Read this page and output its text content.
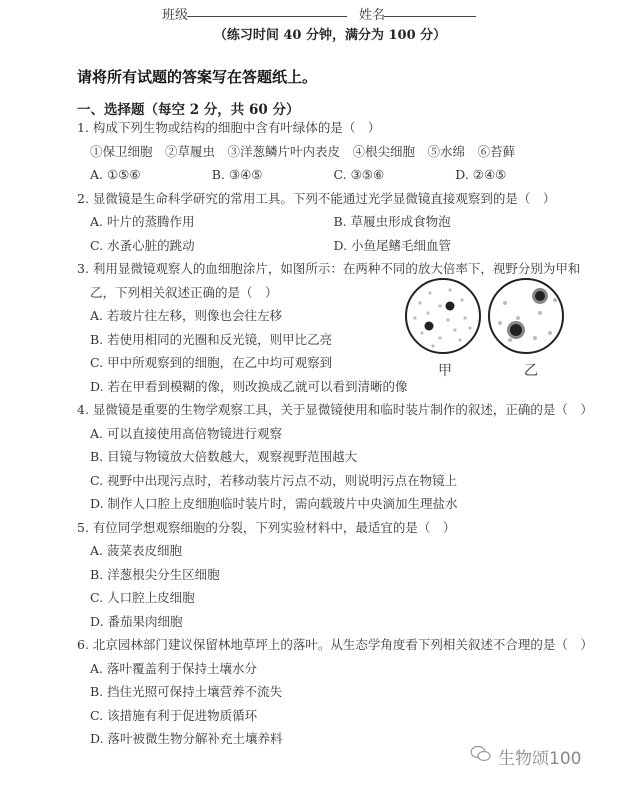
班级	姓名
（练习时间 40 分钟，满分为 100 分）
请将所有试题的答案写在答题纸上。
一、选择题（每空 2 分，共 60 分）
1. 构成下列生物或结构的细胞中含有叶绿体的是（　）
①保卫细胞　②草履虫　③洋葱鳞片叶内表皮　④根尖细胞　⑤水绵　⑥苔藓
A. ①⑤⑥	B. ③④⑤	C. ③⑤⑥	D. ②④⑤
2. 显微镜是生命科学研究的常用工具。下列不能通过光学显微镜直接观察到的是（　）
A. 叶片的蒸腾作用	B. 草履虫形成食物泡
C. 水蚤心脏的跳动	D. 小鱼尾鳍毛细血管
3. 利用显微镜观察人的血细胞涂片，如图所示：在两种不同的放大倍率下，视野分别为甲和
乙，下列相关叙述正确的是（　）
A. 若玻片往左移，则像也会往左移
B. 若使用相同的光圈和反光镜，则甲比乙亮
C. 甲中所观察到的细胞，在乙中均可观察到
D. 若在甲看到模糊的像，则改换成乙就可以看到清晰的像
4. 显微镜是重要的生物学观察工具，关于显微镜使用和临时装片制作的叙述，正确的是（　）
A. 可以直接使用高倍物镜进行观察
B. 目镜与物镜放大倍数越大，观察视野范围越大
C. 视野中出现污点时，若移动装片污点不动，则说明污点在物镜上
D. 制作人口腔上皮细胞临时装片时，需向载玻片中央滴加生理盐水
5. 有位同学想观察细胞的分裂，下列实验材料中，最适宜的是（　）
A. 菠菜表皮细胞
B. 洋葱根尖分生区细胞
C. 人口腔上皮细胞
D. 番茄果肉细胞
6. 北京园林部门建议保留林地草坪上的落叶。从生态学角度看下列相关叙述不合理的是（　）
A. 落叶覆盖利于保持土壤水分
B. 挡住光照可保持土壤营养不流失
C. 该措施有利于促进物质循环
D. 落叶被微生物分解补充土壤养料
甲	乙
生物颂100
